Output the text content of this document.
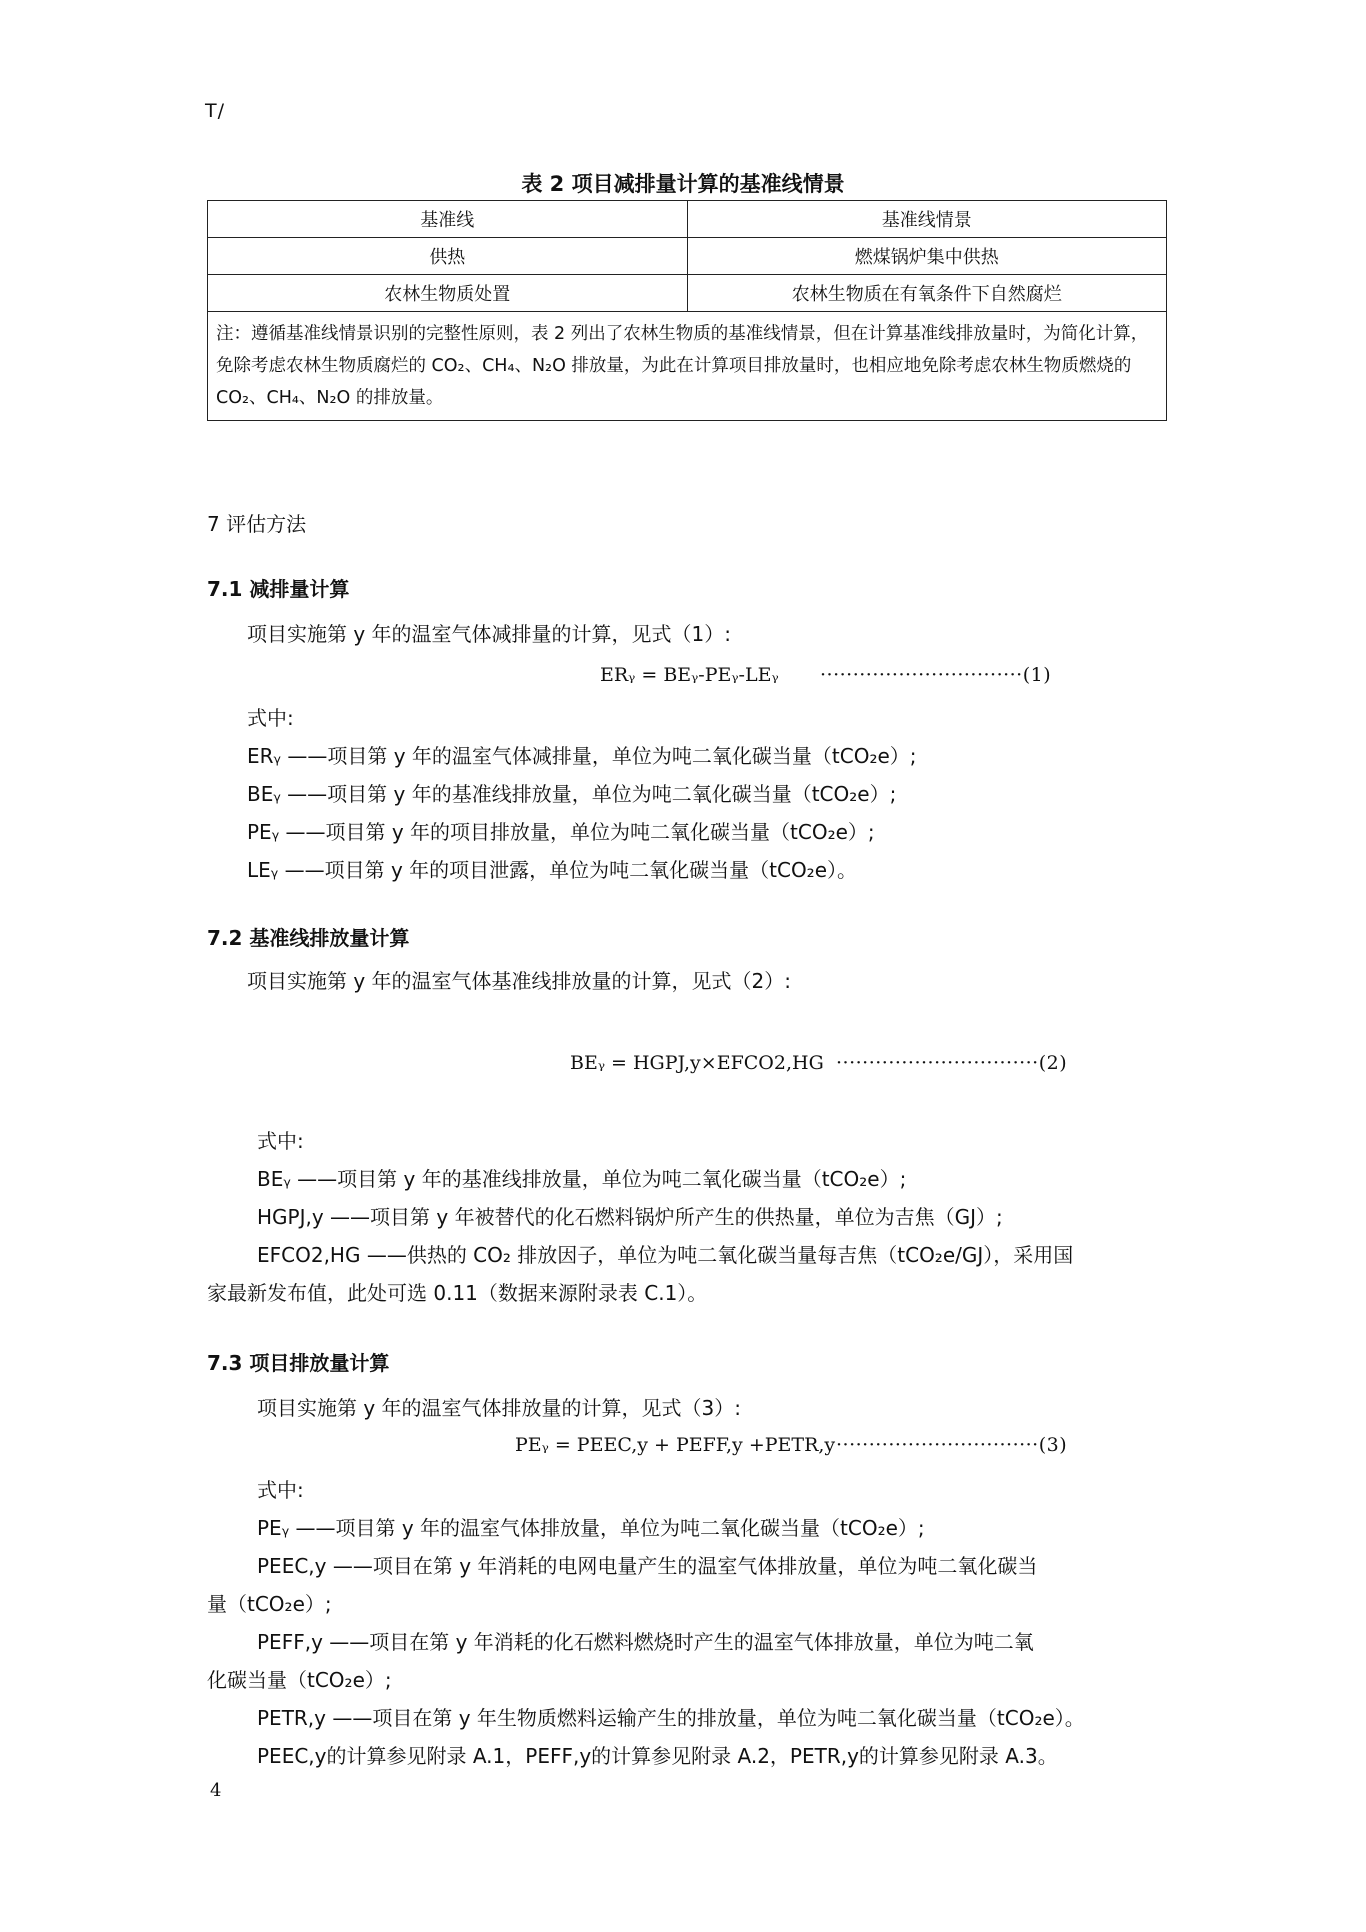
T/
表 2 项目减排量计算的基准线情景
基准线	基准线情景
供热	燃煤锅炉集中供热
农林生物质处置	农林生物质在有氧条件下自然腐烂
注：遵循基准线情景识别的完整性原则，表 2 列出了农林生物质的基准线情景，但在计算基准线排放量时，为简化计算，免除考虑农林生物质腐烂的 CO₂、CH₄、N₂O 排放量，为此在计算项目排放量时，也相应地免除考虑农林生物质燃烧的 CO₂、CH₄、N₂O 的排放量。	
7 评估方法
7.1 减排量计算
项目实施第 y 年的温室气体减排量的计算，见式（1）:
ERᵧ = BEᵧ-PEᵧ-LEᵧ ·······························(1)
式中:
ERᵧ ——项目第 y 年的温室气体减排量，单位为吨二氧化碳当量（tCO₂e）;
BEᵧ ——项目第 y 年的基准线排放量，单位为吨二氧化碳当量（tCO₂e）;
PEᵧ ——项目第 y 年的项目排放量，单位为吨二氧化碳当量（tCO₂e）;
LEᵧ ——项目第 y 年的项目泄露，单位为吨二氧化碳当量（tCO₂e）。
7.2 基准线排放量计算
项目实施第 y 年的温室气体基准线排放量的计算，见式（2）:
BEᵧ = HGPJ,y×EFCO2,HG ·······························(2)
式中:
BEᵧ ——项目第 y 年的基准线排放量，单位为吨二氧化碳当量（tCO₂e）;
HGPJ,y ——项目第 y 年被替代的化石燃料锅炉所产生的供热量，单位为吉焦（GJ）;
EFCO2,HG ——供热的 CO₂ 排放因子，单位为吨二氧化碳当量每吉焦（tCO₂e/GJ），采用国
家最新发布值，此处可选 0.11（数据来源附录表 C.1）。
7.3 项目排放量计算
项目实施第 y 年的温室气体排放量的计算，见式（3）:
PEᵧ = PEEC,y + PEFF,y +PETR,y ·······························(3)
式中:
PEᵧ ——项目第 y 年的温室气体排放量，单位为吨二氧化碳当量（tCO₂e）;
PEEC,y ——项目在第 y 年消耗的电网电量产生的温室气体排放量，单位为吨二氧化碳当
量（tCO₂e）;
PEFF,y ——项目在第 y 年消耗的化石燃料燃烧时产生的温室气体排放量，单位为吨二氧
化碳当量（tCO₂e）;
PETR,y ——项目在第 y 年生物质燃料运输产生的排放量，单位为吨二氧化碳当量（tCO₂e）。
PEEC,y的计算参见附录 A.1，PEFF,y的计算参见附录 A.2，PETR,y的计算参见附录 A.3。
4
